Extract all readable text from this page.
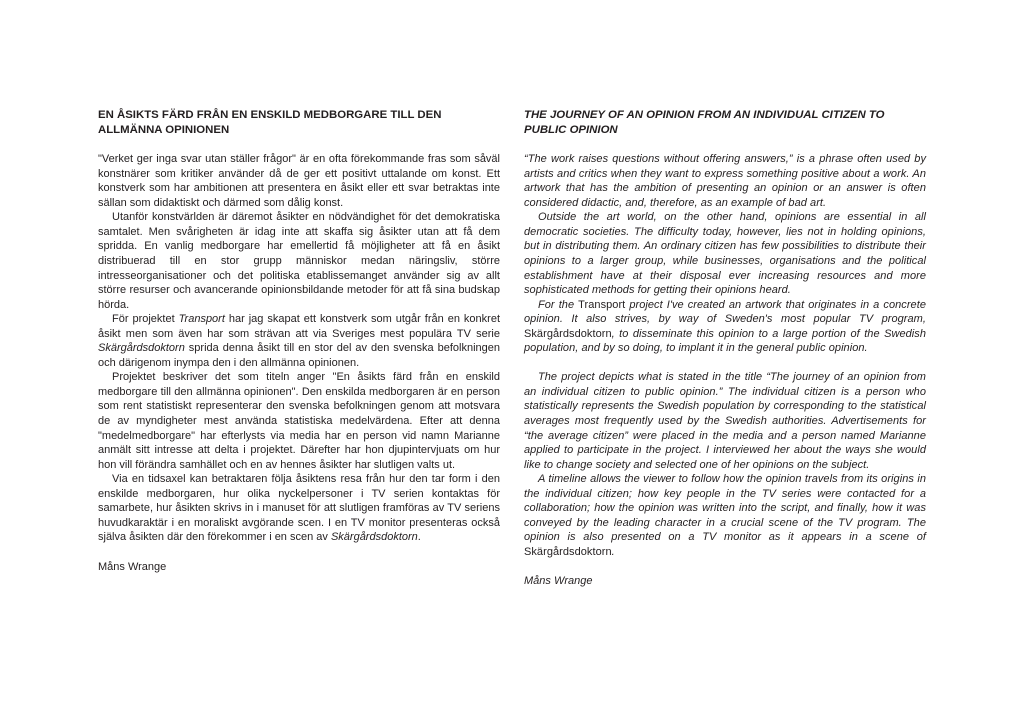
EN ÅSIKTS FÄRD FRÅN EN ENSKILD MEDBORGARE TILL DEN ALLMÄNNA OPINIONEN

"Verket ger inga svar utan ställer frågor" är en ofta förekommande fras som såväl konstnärer som kritiker använder då de ger ett positivt uttalande om konst. Ett konstverk som har ambitionen att presentera en åsikt eller ett svar betraktas inte sällan som didaktiskt och därmed som dålig konst.

Utanför konstvärlden är däremot åsikter en nödvändighet för det demokratiska samtalet. Men svårigheten är idag inte att skaffa sig åsikter utan att få dem spridda. En vanlig medborgare har emellertid få möjligheter att få en åsikt distribuerad till en stor grupp människor medan näringsliv, större intresseorganisationer och det politiska etablissemanget använder sig av allt större resurser och avancerande opinionsbildande metoder för att få sina budskap hörda.

För projektet Transport har jag skapat ett konstverk som utgår från en konkret åsikt men som även har som strävan att via Sveriges mest populära TV serie Skärgårdsdoktorn sprida denna åsikt till en stor del av den svenska befolkningen och därigenom inympa den i den allmänna opinionen.

Projektet beskriver det som titeln anger "En åsikts färd från en enskild medborgare till den allmänna opinionen". Den enskilda medborgaren är en person som rent statistiskt representerar den svenska befolkningen genom att motsvara de av myndigheter mest använda statistiska medelvärdena. Efter att denna "medelmedborgare" har efterlysts via media har en person vid namn Marianne anmält sitt intresse att delta i projektet. Därefter har hon djupintervjuats om hur hon vill förändra samhället och en av hennes åsikter har slutligen valts ut.

Via en tidsaxel kan betraktaren följa åsiktens resa från hur den tar form i den enskilde medborgaren, hur olika nyckelpersoner i TV serien kontaktas för samarbete, hur åsikten skrivs in i manuset för att slutligen framföras av TV seriens huvudkaraktär i en moraliskt avgörande scen. I en TV monitor presenteras också själva åsikten där den förekommer i en scen av Skärgårdsdoktorn.

Måns Wrange
THE JOURNEY OF AN OPINION FROM AN INDIVIDUAL CITIZEN TO PUBLIC OPINION

“The work raises questions without offering answers,” is a phrase often used by artists and critics when they want to express something positive about a work. An artwork that has the ambition of presenting an opinion or an answer is often considered didactic, and, therefore, as an example of bad art.

Outside the art world, on the other hand, opinions are essential in all democratic societies. The difficulty today, however, lies not in holding opinions, but in distributing them. An ordinary citizen has few possibilities to distribute their opinions to a larger group, while businesses, organisations and the political establishment have at their disposal ever increasing resources and more sophisticated methods for getting their opinions heard.

For the Transport project I've created an artwork that originates in a concrete opinion. It also strives, by way of Sweden's most popular TV program, Skärgårdsdoktorn, to disseminate this opinion to a large portion of the Swedish population, and by so doing, to implant it in the general public opinion.

The project depicts what is stated in the title “The journey of an opinion from an individual citizen to public opinion.” The individual citizen is a person who statistically represents the Swedish population by corresponding to the statistical averages most frequently used by the Swedish authorities. Advertisements for “the average citizen” were placed in the media and a person named Marianne applied to participate in the project. I interviewed her about the ways she would like to change society and selected one of her opinions on the subject.

A timeline allows the viewer to follow how the opinion travels from its origins in the individual citizen; how key people in the TV series were contacted for a collaboration; how the opinion was written into the script, and finally, how it was conveyed by the leading character in a crucial scene of the TV program. The opinion is also presented on a TV monitor as it appears in a scene of Skärgårdsdoktorn.

Måns Wrange
